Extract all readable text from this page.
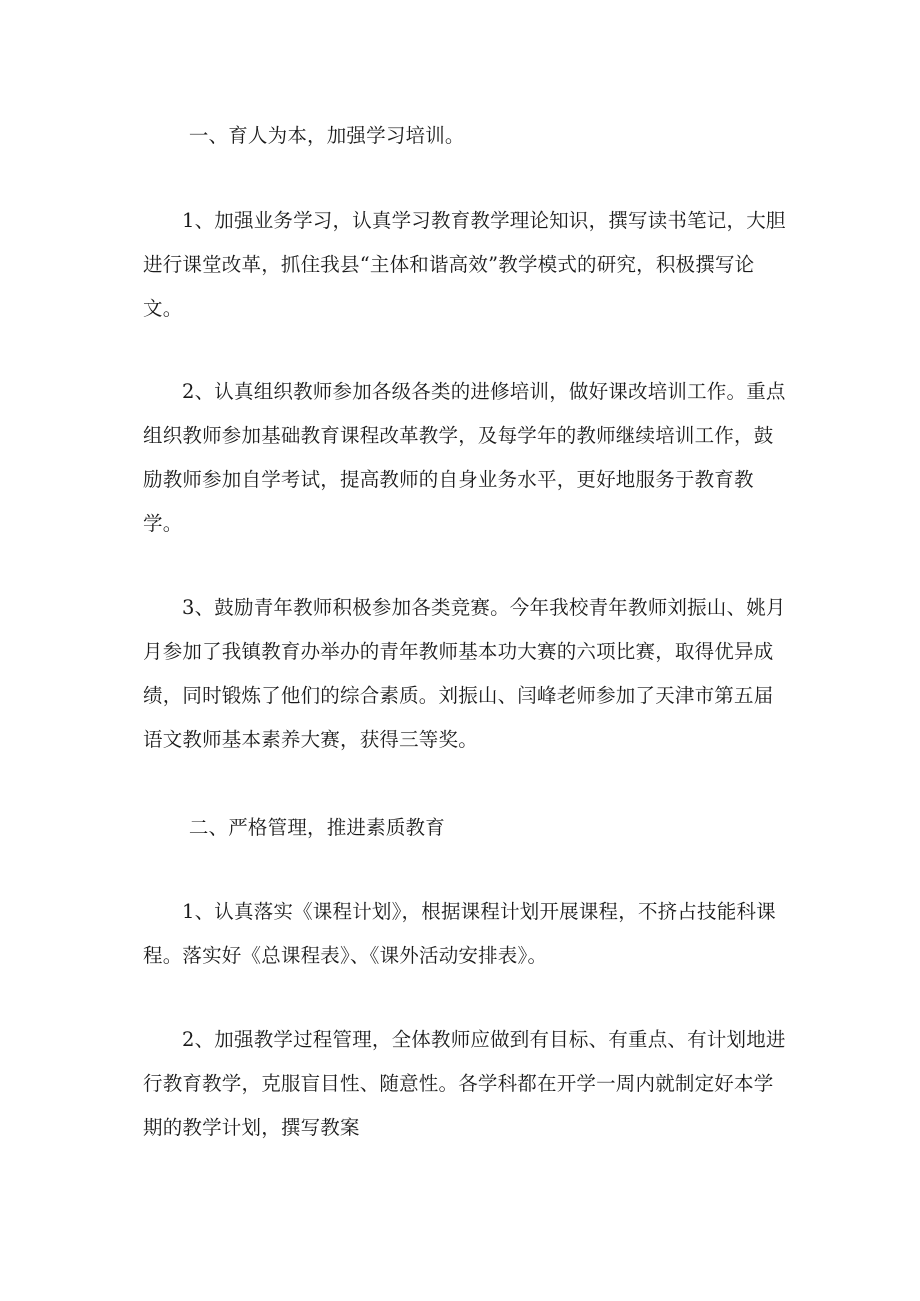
一、育人为本，加强学习培训。

1、加强业务学习，认真学习教育教学理论知识，撰写读书笔记，大胆进行课堂改革，抓住我县“主体和谐高效”教学模式的研究，积极撰写论文。

2、认真组织教师参加各级各类的进修培训，做好课改培训工作。重点组织教师参加基础教育课程改革教学，及每学年的教师继续培训工作，鼓励教师参加自学考试，提高教师的自身业务水平，更好地服务于教育教学。

3、鼓励青年教师积极参加各类竞赛。今年我校青年教师刘振山、姚月月参加了我镇教育办举办的青年教师基本功大赛的六项比赛，取得优异成绩，同时锻炼了他们的综合素质。刘振山、闫峰老师参加了天津市第五届语文教师基本素养大赛，获得三等奖。

二、严格管理，推进素质教育

1、认真落实《课程计划》，根据课程计划开展课程，不挤占技能科课程。落实好《总课程表》、《课外活动安排表》。

2、加强教学过程管理，全体教师应做到有目标、有重点、有计划地进行教育教学，克服盲目性、随意性。各学科都在开学一周内就制定好本学期的教学计划，撰写教案
